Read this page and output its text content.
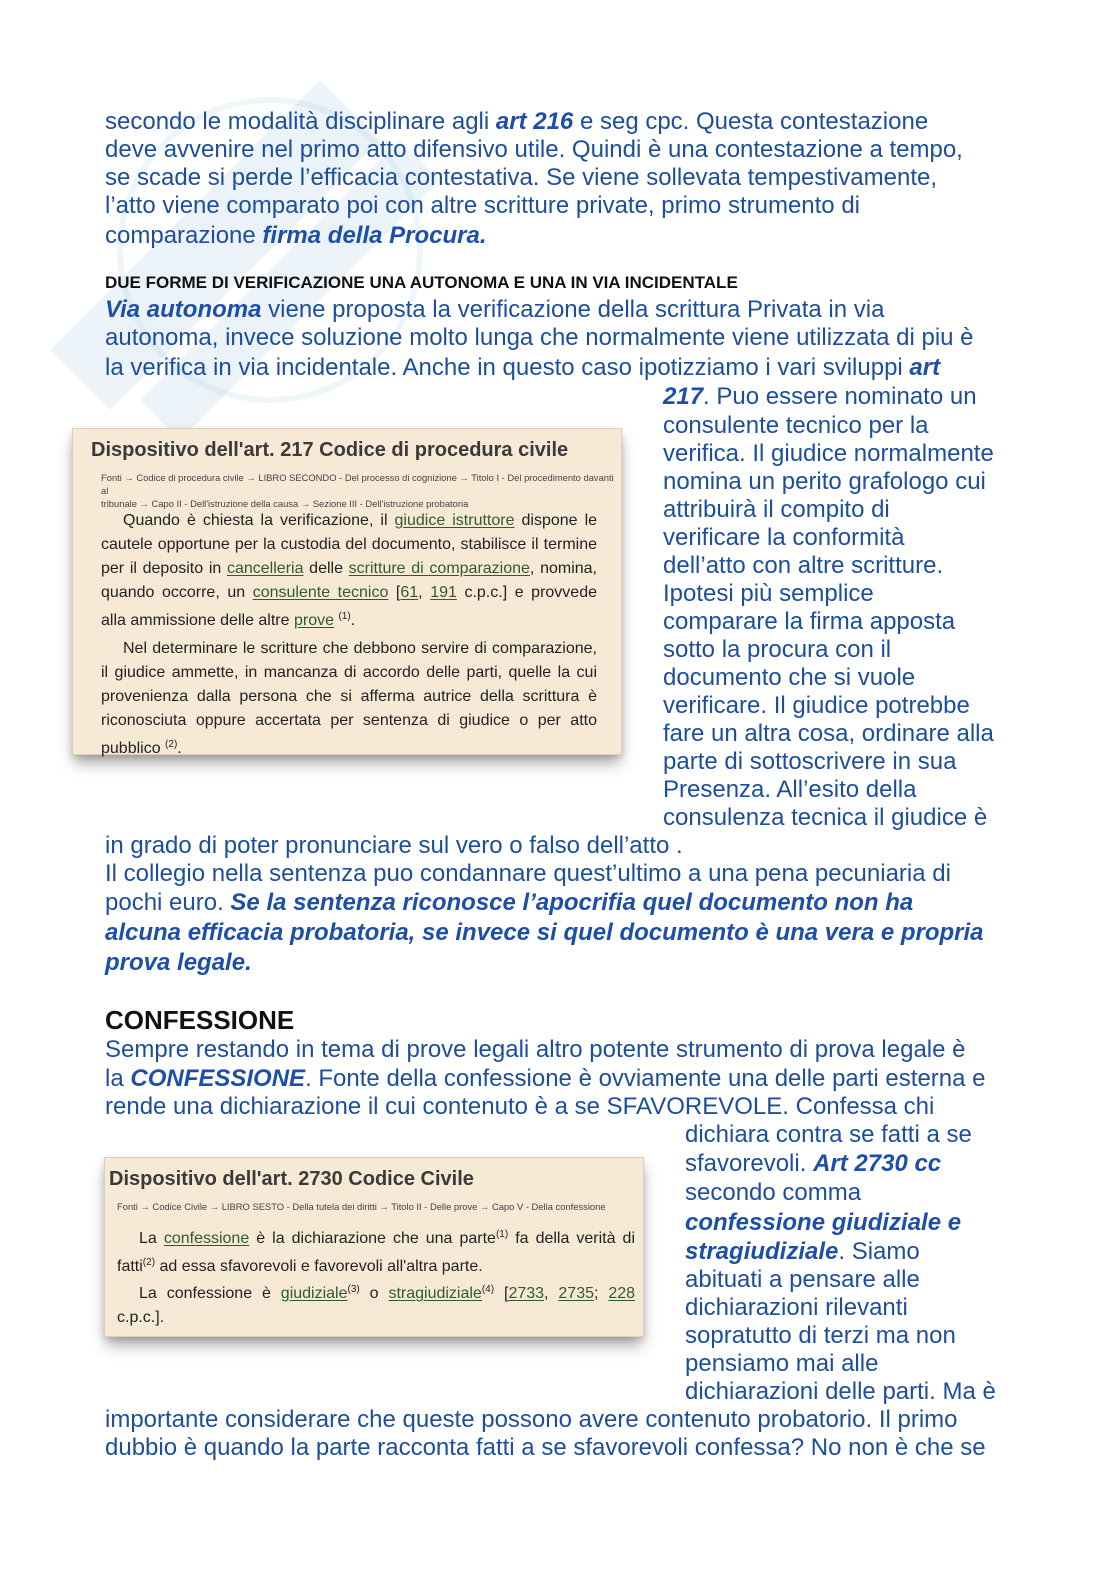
secondo le modalità disciplinare agli art 216 e seg cpc. Questa contestazione

deve avvenire nel primo atto difensivo utile. Quindi è una contestazione a tempo,

se scade si perde l’efficacia contestativa. Se viene sollevata tempestivamente,

l’atto viene comparato poi con altre scritture private, primo strumento di

comparazione firma della Procura.

DUE FORME DI VERIFICAZIONE UNA AUTONOMA E UNA IN VIA INCIDENTALE

Via autonoma viene proposta la verificazione della scrittura Privata in via

autonoma, invece soluzione molto lunga che normalmente viene utilizzata di piu è

la verifica in via incidentale. Anche in questo caso ipotizziamo i vari sviluppi art

217. Puo essere nominato un

consulente tecnico per la

verifica. Il giudice normalmente

nomina un perito grafologo cui

attribuirà il compito di

verificare la conformità

dell’atto con altre scritture.

Ipotesi più semplice

comparare la firma apposta

sotto la procura con il

documento che si vuole

verificare. Il giudice potrebbe

fare un altra cosa, ordinare alla

parte di sottoscrivere in sua

Presenza. All’esito della

consulenza tecnica il giudice è

in grado di poter pronunciare sul vero o falso dell’atto .

Il collegio nella sentenza puo condannare quest’ultimo a una pena pecuniaria di

pochi euro. Se la sentenza riconosce l’apocrifia quel documento non ha

alcuna efficacia probatoria, se invece si quel documento è una vera e propria

prova legale.

Dispositivo dell'art. 217 Codice di procedura civile

Fonti → Codice di procedura civile → LIBRO SECONDO - Del processo di cognizione → Titolo I - Del procedimento davanti al
tribunale → Capo II - Dell'istruzione della causa → Sezione III - Dell'istruzione probatoria

Quando è chiesta la verificazione, il giudice istruttore dispone le cautele opportune per la custodia del documento, stabilisce il termine per il deposito in cancelleria delle scritture di comparazione, nomina, quando occorre, un consulente tecnico [61, 191 c.p.c.] e provvede alla ammissione delle altre prove $^{(1)}$.

Nel determinare le scritture che debbono servire di comparazione, il giudice ammette, in mancanza di accordo delle parti, quelle la cui provenienza dalla persona che si afferma autrice della scrittura è riconosciuta oppure accertata per sentenza di giudice o per atto pubblico $^{(2)}$.

CONFESSIONE

Sempre restando in tema di prove legali altro potente strumento di prova legale è

la CONFESSIONE. Fonte della confessione è ovviamente una delle parti esterna e

rende una dichiarazione il cui contenuto è a se SFAVOREVOLE. Confessa chi

dichiara contra se fatti a se

sfavorevoli. Art 2730 cc

secondo comma

confessione giudiziale e

stragiudiziale. Siamo

abituati a pensare alle

dichiarazioni rilevanti

sopratutto di terzi ma non

pensiamo mai alle

dichiarazioni delle parti. Ma è

importante considerare che queste possono avere contenuto probatorio. Il primo

dubbio è quando la parte racconta fatti a se sfavorevoli confessa? No non è che se

Dispositivo dell'art. 2730 Codice Civile

Fonti → Codice Civile → LIBRO SESTO - Della tutela dei diritti → Titolo II - Delle prove → Capo V - Della confessione

La confessione è la dichiarazione che una parte$^{(1)}$ fa della verità di fatti$^{(2)}$ ad essa sfavorevoli e favorevoli all'altra parte.

La confessione è giudiziale$^{(3)}$ o stragiudiziale$^{(4)}$ [2733, 2735; 228 c.p.c.].
